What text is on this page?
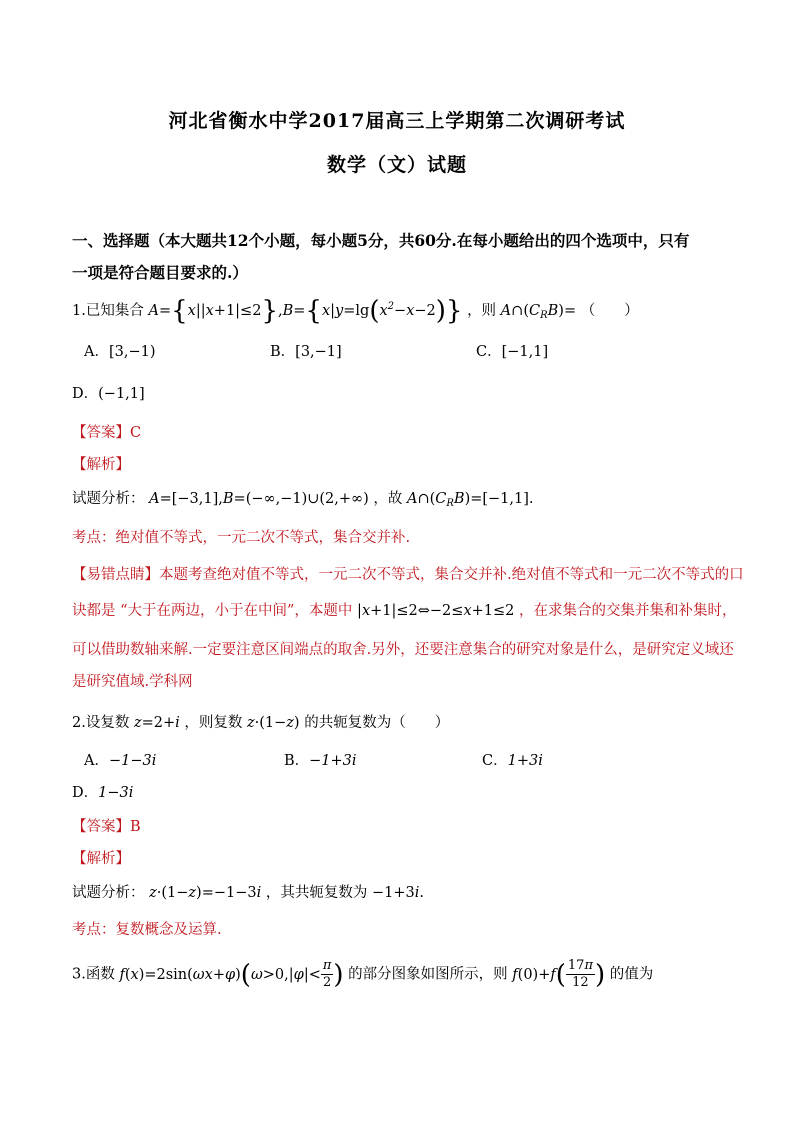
河北省衡水中学2017届高三上学期第二次调研考试
数学（文）试题
一、选择题（本大题共12个小题，每小题5分，共60分.在每小题给出的四个选项中，只有
一项是符合题目要求的.）
1.已知集合 $A=\{x||x+1|\le 2\},B=\{x|y=\lg(x^2-x-2)\}$ ，则 $A\cap(C_RB)=$ （　　）
A．[3,−1)	B．[3,−1]	C．[−1,1]
D．(−1,1]
【答案】C
【解析】
试题分析： A=[−3,1],B=(−∞,−1)∪(2,+∞) ，故 $A\cap(C_RB)=[-1,1]$.
考点：绝对值不等式，一元二次不等式，集合交并补.
【易错点睛】本题考查绝对值不等式，一元二次不等式，集合交并补.绝对值不等式和一元二次不等式的口
诀都是 “大于在两边，小于在中间”，本题中 |x+1|≤2⇔−2≤x+1≤2 ，在求集合的交集并集和补集时，
可以借助数轴来解.一定要注意区间端点的取舍.另外，还要注意集合的研究对象是什么，是研究定义域还
是研究值域.学科网
2.设复数 z=2+i ，则复数 z·(1−z) 的共轭复数为（　　）
A．−1−3i	B．−1+3i	C．1+3i
D．1−3i
【答案】B
【解析】
试题分析： z·(1−z)=−1−3i ，其共轭复数为 −1+3i.
考点：复数概念及运算.
3.函数 $f(x)=2\sin(\omega x+\varphi)(\omega>0,|\varphi|< \frac{\pi}{2}$ ) 的部分图象如图所示，则 $f(0)+f( \frac{17\pi}{12}$ ) 的值为
